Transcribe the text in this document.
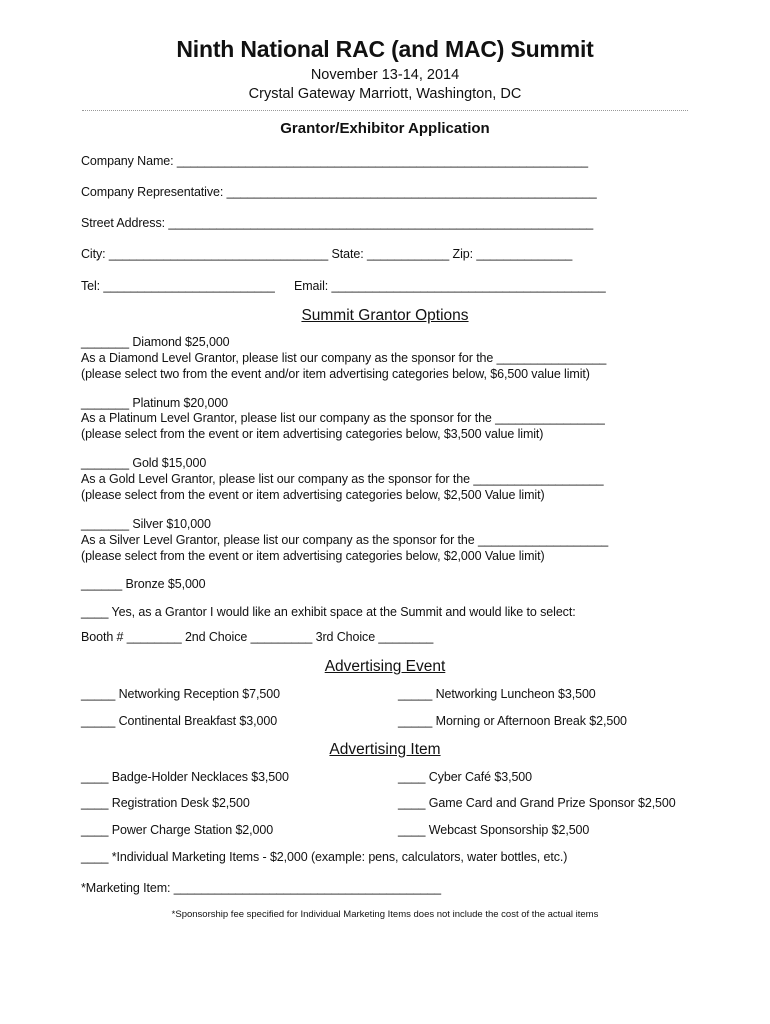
Ninth National RAC (and MAC) Summit
November 13-14, 2014
Crystal Gateway Marriott, Washington, DC
Grantor/Exhibitor Application
Company Name: ____________________________________________________________
Company Representative: ______________________________________________________
Street Address: ______________________________________________________________
City: ________________________________ State: ____________ Zip: ______________
Tel: _________________________ Email: ________________________________________
Summit Grantor Options
_______ Diamond $25,000
As a Diamond Level Grantor, please list our company as the sponsor for the ________________
(please select two from the event and/or item advertising categories below, $6,500 value limit)
_______ Platinum $20,000
As a Platinum Level Grantor, please list our company as the sponsor for the ________________
(please select from the event or item advertising categories below, $3,500 value limit)
_______ Gold $15,000
As a Gold Level Grantor, please list our company as the sponsor for the ___________________
(please select from the event or item advertising categories below, $2,500 Value limit)
_______ Silver $10,000
As a Silver Level Grantor, please list our company as the sponsor for the ___________________
(please select from the event or item advertising categories below, $2,000 Value limit)
______ Bronze $5,000
____ Yes, as a Grantor I would like an exhibit space at the Summit and would like to select:
Booth # ________ 2nd Choice _________ 3rd Choice ________
Advertising Event
_____ Networking Reception $7,500	_____ Networking Luncheon $3,500
_____ Continental Breakfast $3,000	_____ Morning or Afternoon Break $2,500
Advertising Item
____ Badge-Holder Necklaces $3,500	____ Cyber Café $3,500
____ Registration Desk $2,500	____ Game Card and Grand Prize Sponsor $2,500
____ Power Charge Station $2,000	____ Webcast Sponsorship $2,500
____ *Individual Marketing Items - $2,000 (example: pens, calculators, water bottles, etc.)
*Marketing Item: _______________________________________
*Sponsorship fee specified for Individual Marketing Items does not include the cost of the actual items
